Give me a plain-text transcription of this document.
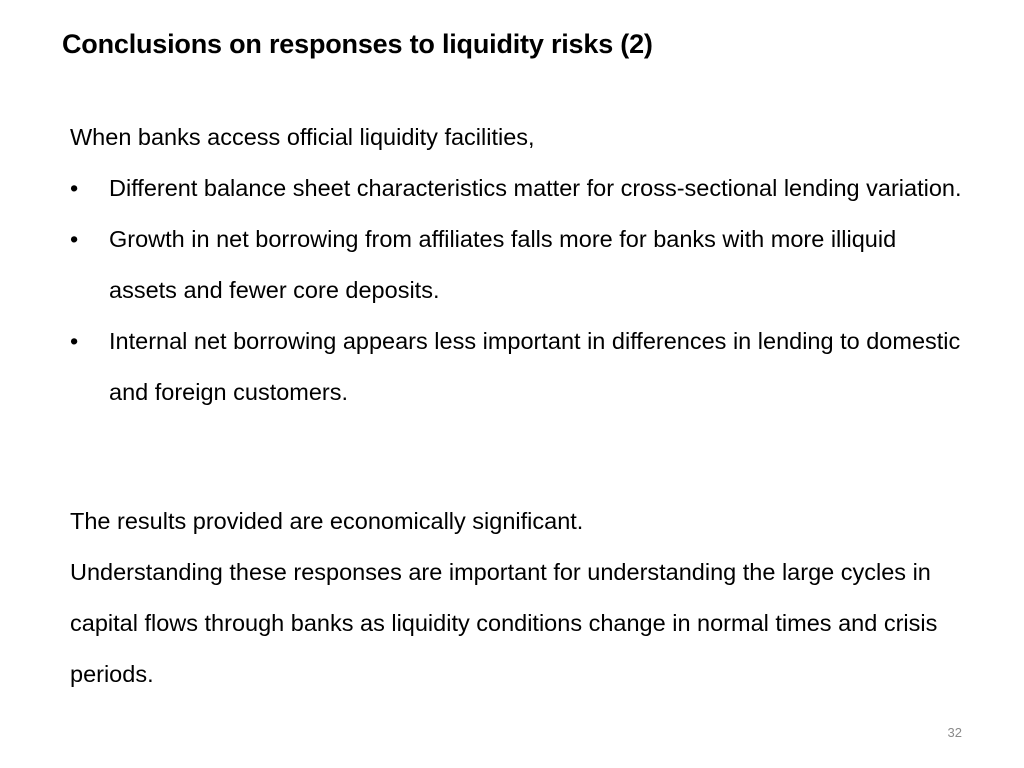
Conclusions on responses to liquidity risks (2)

When banks access official liquidity facilities,

• Different balance sheet characteristics matter for cross-sectional lending variation.
• Growth in net borrowing from affiliates falls more for banks with more illiquid assets and fewer core deposits.
• Internal net borrowing appears less important in differences in lending to domestic and foreign customers.

The results provided are economically significant.

Understanding these responses are important for understanding the large cycles in capital flows through banks as liquidity conditions change in normal times and crisis periods.

32
